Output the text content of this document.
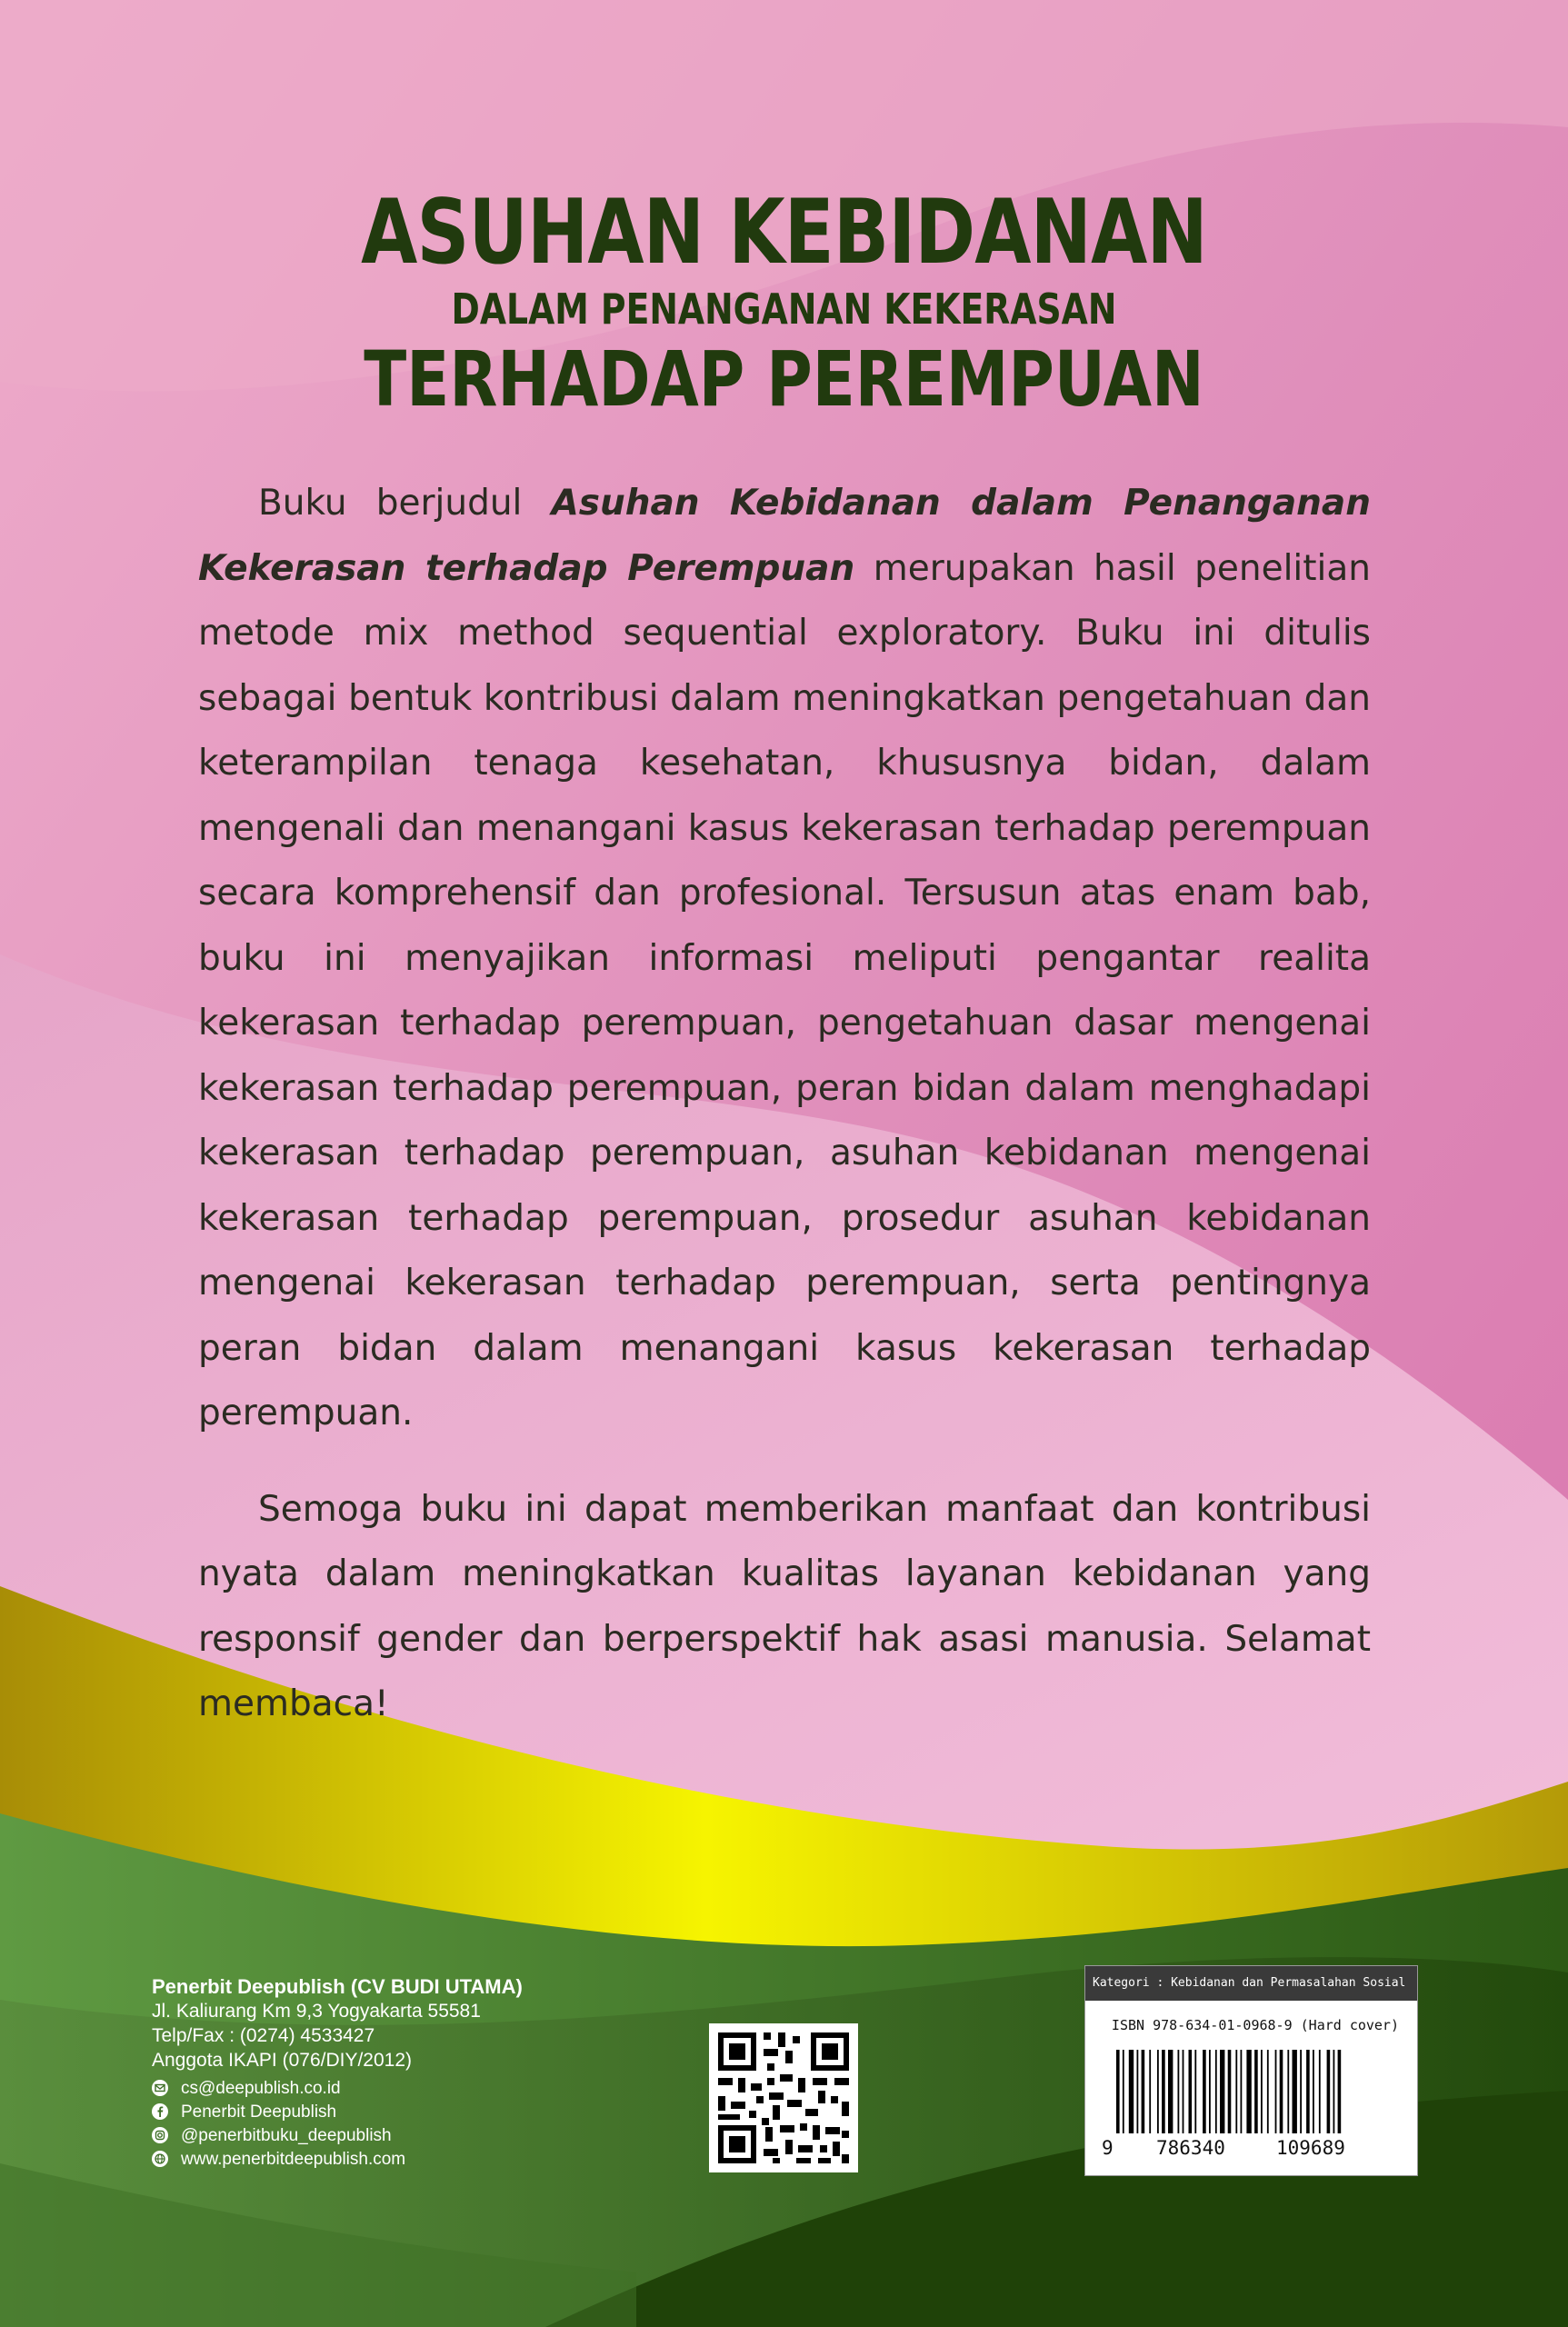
ASUHAN KEBIDANAN
DALAM PENANGANAN KEKERASAN
TERHADAP PEREMPUAN

Buku berjudul Asuhan Kebidanan dalam Penanganan Kekerasan terhadap Perempuan merupakan hasil penelitian metode mix method sequential exploratory. Buku ini ditulis sebagai bentuk kontribusi dalam meningkatkan pengetahuan dan keterampilan tenaga kesehatan, khususnya bidan, dalam mengenali dan menangani kasus kekerasan terhadap perempuan secara komprehensif dan profesional. Tersusun atas enam bab, buku ini menyajikan informasi meliputi pengantar realita kekerasan terhadap perempuan, pengetahuan dasar mengenai kekerasan terhadap perempuan, peran bidan dalam menghadapi kekerasan terhadap perempuan, asuhan kebidanan mengenai kekerasan terhadap perempuan, prosedur asuhan kebidanan mengenai kekerasan terhadap perempuan, serta pentingnya peran bidan dalam menangani kasus kekerasan terhadap perempuan.

Semoga buku ini dapat memberikan manfaat dan kontribusi nyata dalam meningkatkan kualitas layanan kebidanan yang responsif gender dan berperspektif hak asasi manusia. Selamat membaca!

Penerbit Deepublish (CV BUDI UTAMA)
Jl. Kaliurang Km 9,3 Yogyakarta 55581
Telp/Fax : (0274) 4533427
Anggota IKAPI (076/DIY/2012)
cs@deepublish.co.id
Penerbit Deepublish
@penerbitbuku_deepublish
www.penerbitdeepublish.com
Kategori : Kebidanan dan Permasalahan Sosial
ISBN 978-634-01-0968-9 (Hard cover)
9 786340	109689
